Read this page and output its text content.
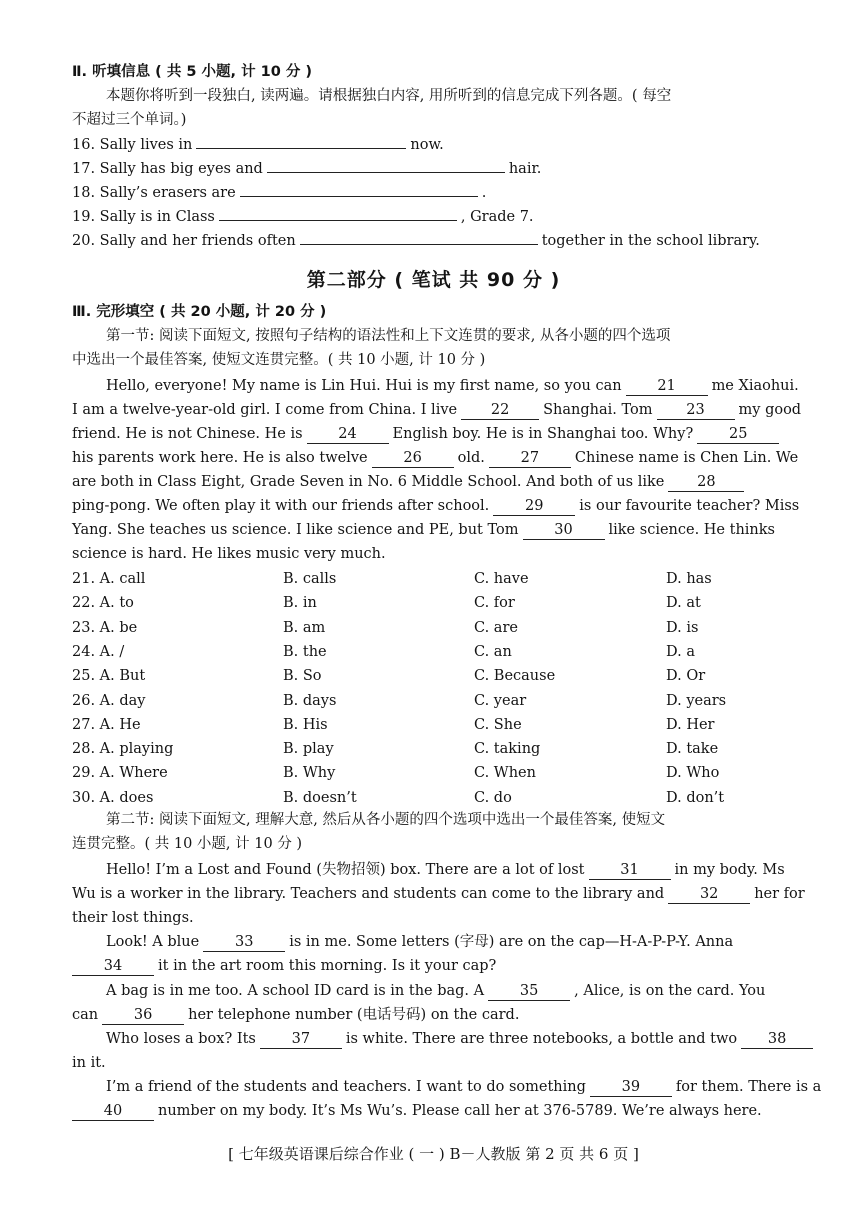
Ⅱ. 听填信息 ( 共 5 小题, 计 10 分 )
本题你将听到一段独白, 读两遍。请根据独白内容, 用所听到的信息完成下列各题。( 每空
不超过三个单词。)
16. Sally lives in	now.
17. Sally has big eyes and	hair.
18. Sally’s erasers are	.
19. Sally is in Class	, Grade 7.
20. Sally and her friends often	together in the school library.
第二部分 ( 笔试 共 90 分 )
Ⅲ. 完形填空 ( 共 20 小题, 计 20 分 )
第一节: 阅读下面短文, 按照句子结构的语法性和上下文连贯的要求, 从各小题的四个选项
中选出一个最佳答案, 使短文连贯完整。( 共 10 小题, 计 10 分 )
Hello, everyone! My name is Lin Hui. Hui is my first name, so you can 21 me Xiaohui.
I am a twelve-year-old girl. I come from China. I live 22 Shanghai. Tom 23 my good
friend. He is not Chinese. He is 24 English boy. He is in Shanghai too. Why? 25
his parents work here. He is also twelve 26 old. 27 Chinese name is Chen Lin. We
are both in Class Eight, Grade Seven in No. 6 Middle School. And both of us like 28
ping-pong. We often play it with our friends after school. 29 is our favourite teacher? Miss
Yang. She teaches us science. I like science and PE, but Tom 30 like science. He thinks
science is hard. He likes music very much.
21. A. call	B. calls	C. have	D. has
22. A. to	B. in	C. for	D. at
23. A. be	B. am	C. are	D. is
24. A. /	B. the	C. an	D. a
25. A. But	B. So	C. Because	D. Or
26. A. day	B. days	C. year	D. years
27. A. He	B. His	C. She	D. Her
28. A. playing	B. play	C. taking	D. take
29. A. Where	B. Why	C. When	D. Who
30. A. does	B. doesn’t	C. do	D. don’t
第二节: 阅读下面短文, 理解大意, 然后从各小题的四个选项中选出一个最佳答案, 使短文
连贯完整。( 共 10 小题, 计 10 分 )
Hello! I’m a Lost and Found (失物招领) box. There are a lot of lost 31 in my body. Ms
Wu is a worker in the library. Teachers and students can come to the library and 32 her for
their lost things.
Look! A blue 33 is in me. Some letters (字母) are on the cap—H-A-P-P-Y. Anna
34 it in the art room this morning. Is it your cap?
A bag is in me too. A school ID card is in the bag. A 35 , Alice, is on the card. You
can 36 her telephone number (电话号码) on the card.
Who loses a box? Its 37 is white. There are three notebooks, a bottle and two 38
in it.
I’m a friend of the students and teachers. I want to do something 39 for them. There is a
40 number on my body. It’s Ms Wu’s. Please call her at 376-5789. We’re always here.
[ 七年级英语课后综合作业 ( 一 ) B－人教版 第 2 页 共 6 页 ]
